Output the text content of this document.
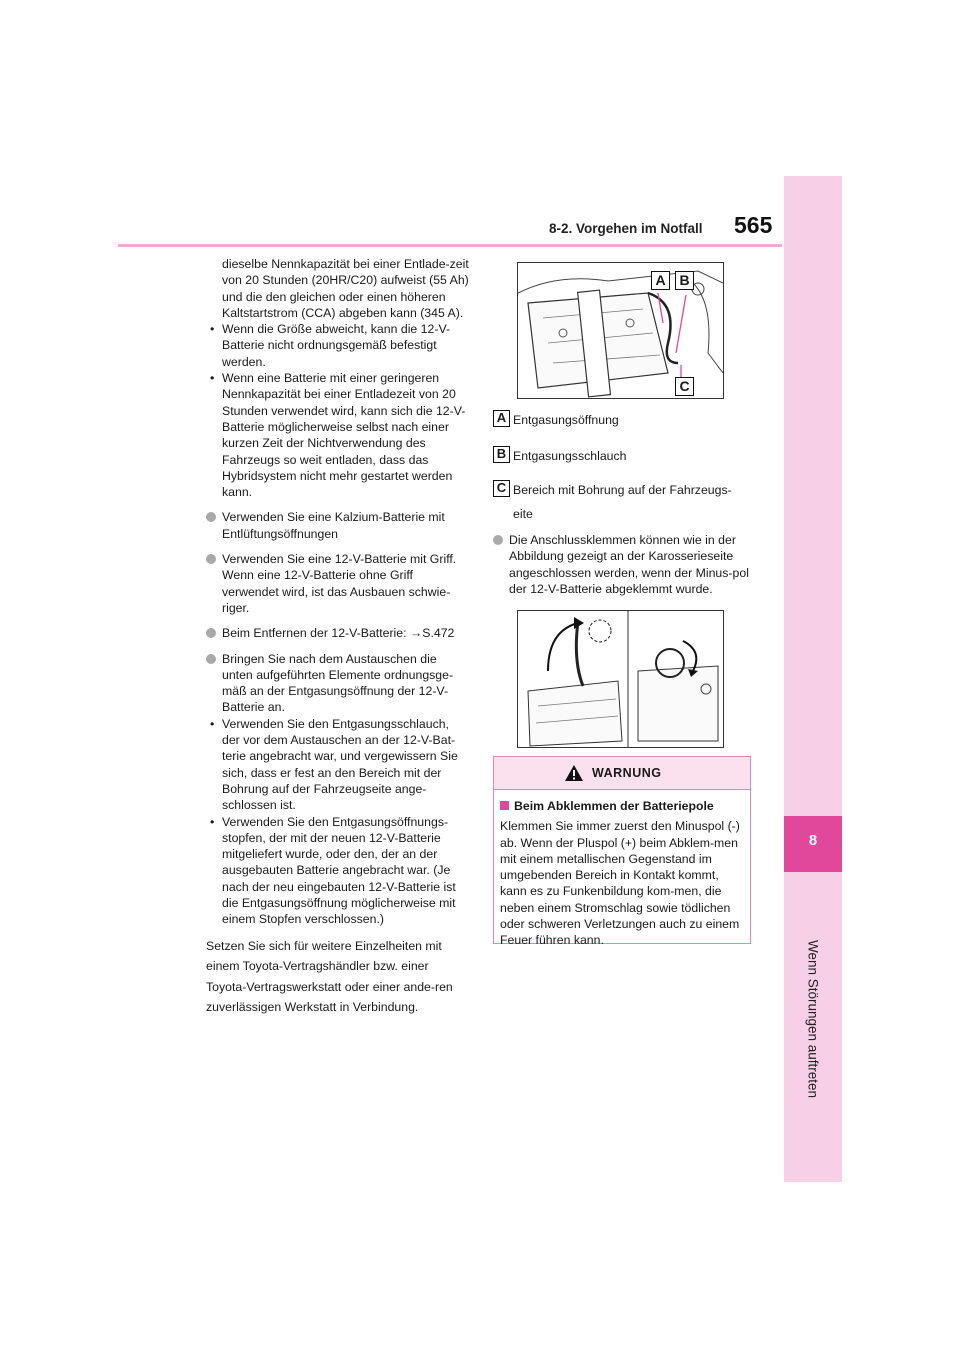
8
Wenn Störungen auftreten
8-2. Vorgehen im Notfall 565
dieselbe Nennkapazität bei einer Entlade-zeit von 20 Stunden (20HR/C20) aufweist (55 Ah) und die den gleichen oder einen höheren Kaltstartstrom (CCA) abgeben kann (345 A).
• Wenn die Größe abweicht, kann die 12-V-Batterie nicht ordnungsgemäß befestigt werden.
• Wenn eine Batterie mit einer geringeren Nennkapazität bei einer Entladezeit von 20 Stunden verwendet wird, kann sich die 12-V-Batterie möglicherweise selbst nach einer kurzen Zeit der Nichtverwendung des Fahrzeugs so weit entladen, dass das Hybridsystem nicht mehr gestartet werden kann.
Verwenden Sie eine Kalzium-Batterie mit Entlüftungsöffnungen
Verwenden Sie eine 12-V-Batterie mit Griff. Wenn eine 12-V-Batterie ohne Griff verwendet wird, ist das Ausbauen schwie-riger.
Beim Entfernen der 12-V-Batterie: →S.472
Bringen Sie nach dem Austauschen die unten aufgeführten Elemente ordnungsge-mäß an der Entgasungsöffnung der 12-V-Batterie an.
• Verwenden Sie den Entgasungsschlauch, der vor dem Austauschen an der 12-V-Bat-terie angebracht war, und vergewissern Sie sich, dass er fest an den Bereich mit der Bohrung auf der Fahrzeugseite ange-schlossen ist.
• Verwenden Sie den Entgasungsöffnungs-stopfen, der mit der neuen 12-V-Batterie mitgeliefert wurde, oder den, der an der ausgebauten Batterie angebracht war. (Je nach der neu eingebauten 12-V-Batterie ist die Entgasungsöffnung möglicherweise mit einem Stopfen verschlossen.)
Setzen Sie sich für weitere Einzelheiten mit einem Toyota-Vertragshändler bzw. einer Toyota-Vertragswerkstatt oder einer ande-ren zuverlässigen Werkstatt in Verbindung.
A B
C
A Entgasungsöffnung
B Entgasungsschlauch
C Bereich mit Bohrung auf der Fahrzeugs-
eite
Die Anschlussklemmen können wie in der Abbildung gezeigt an der Karosserieseite angeschlossen werden, wenn der Minus-pol der 12-V-Batterie abgeklemmt wurde.
WARNUNG
Beim Abklemmen der Batteriepole
Klemmen Sie immer zuerst den Minuspol (-) ab. Wenn der Pluspol (+) beim Abklem-men mit einem metallischen Gegenstand im umgebenden Bereich in Kontakt kommt, kann es zu Funkenbildung kom-men, die neben einem Stromschlag sowie tödlichen oder schweren Verletzungen auch zu einem Feuer führen kann.
